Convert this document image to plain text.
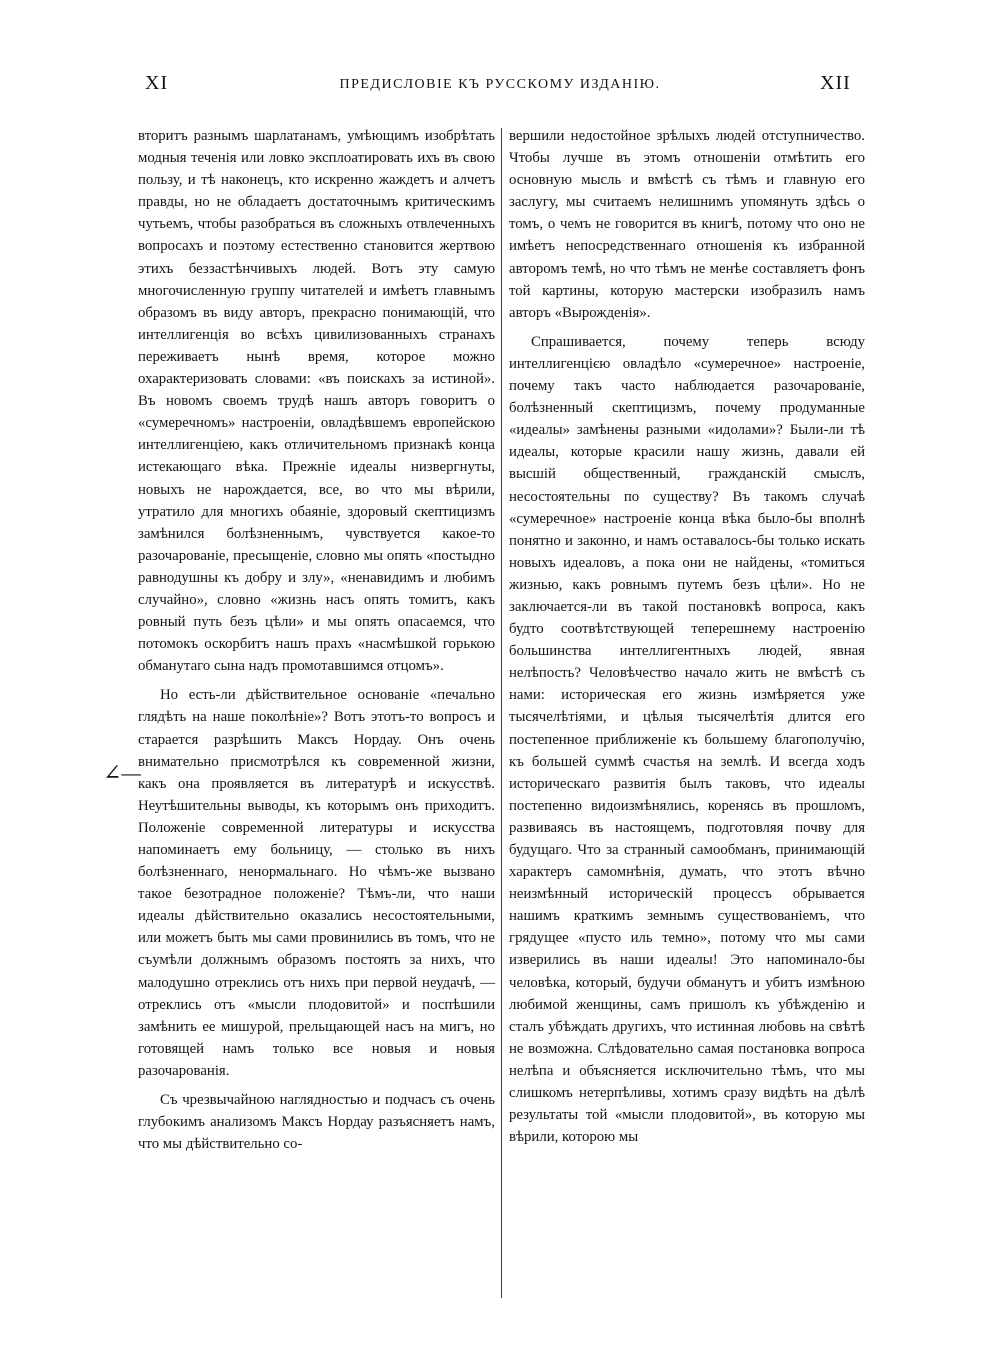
XI	ПРЕДИСЛОВІЕ КЪ РУССКОМУ ИЗДАНІЮ.	XII
∠—

вторитъ разнымъ шарлатанамъ, умѣющимъ изобрѣтать модныя теченія или ловко эксплоатировать ихъ въ свою пользу, и тѣ наконецъ, кто искренно жаждетъ и алчетъ правды, но не обладаетъ достаточнымъ критическимъ чутьемъ, чтобы разобраться въ сложныхъ отвлеченныхъ вопросахъ и поэтому естественно становится жертвою этихъ беззастѣнчивыхъ людей. Вотъ эту самую многочисленную группу читателей и имѣетъ главнымъ образомъ въ виду авторъ, прекрасно понимающій, что интеллигенція во всѣхъ цивилизованныхъ странахъ переживаетъ нынѣ время, которое можно охарактеризовать словами: «въ поискахъ за истиной». Въ новомъ своемъ трудѣ нашъ авторъ говоритъ о «сумеречномъ» настроеніи, овладѣвшемъ европейскою интеллигенціею, какъ отличительномъ признакѣ конца истекающаго вѣка. Прежніе идеалы низвергнуты, новыхъ не нарождается, все, во что мы вѣрили, утратило для многихъ обаяніе, здоровый скептицизмъ замѣнился болѣзненнымъ, чувствуется какое-то разочарованіе, пресыщеніе, словно мы опять «постыдно равнодушны къ добру и злу», «ненавидимъ и любимъ случайно», словно «жизнь насъ опять томитъ, какъ ровный путь безъ цѣли» и мы опять опасаемся, что потомокъ оскорбитъ нашъ прахъ «насмѣшкой горькою обманутаго сына надъ промотавшимся отцомъ».

Но есть-ли дѣйствительное основаніе «печально глядѣть на наше поколѣніе»? Вотъ этотъ-то вопросъ и старается разрѣшить Максъ Нордау. Онъ очень внимательно присмотрѣлся къ современной жизни, какъ она проявляется въ литературѣ и искусствѣ. Неутѣшительны выводы, къ которымъ онъ приходитъ. Положеніе современной литературы и искусства напоминаетъ ему больницу, — столько въ нихъ болѣзненнаго, ненормальнаго. Но чѣмъ-же вызвано такое безотрадное положеніе? Тѣмъ-ли, что наши идеалы дѣйствительно оказались несостоятельными, или можетъ быть мы сами провинились въ томъ, что не съумѣли должнымъ образомъ постоять за нихъ, что малодушно отреклись отъ нихъ при первой неудачѣ, — отреклись отъ «мысли плодовитой» и поспѣшили замѣнить ее мишурой, прельщающей насъ на мигъ, но готовящей намъ только все новыя и новыя разочарованія.

Съ чрезвычайною наглядностью и подчасъ съ очень глубокимъ анализомъ Максъ Нордау разъясняетъ намъ, что мы дѣйствительно со-

вершили недостойное зрѣлыхъ людей отступничество. Чтобы лучше въ этомъ отношеніи отмѣтить его основную мысль и вмѣстѣ съ тѣмъ и главную его заслугу, мы считаемъ нелишнимъ упомянуть здѣсь о томъ, о чемъ не говорится въ книгѣ, потому что оно не имѣетъ непосредственнаго отношенія къ избранной авторомъ темѣ, но что тѣмъ не менѣе составляетъ фонъ той картины, которую мастерски изобразилъ намъ авторъ «Вырожденія».

Спрашивается, почему теперь всюду интеллигенцією овладѣло «сумеречное» настроеніе, почему такъ часто наблюдается разочарованіе, болѣзненный скептицизмъ, почему продуманные «идеалы» замѣнены разными «идолами»? Были-ли тѣ идеалы, которые красили нашу жизнь, давали ей высшій общественный, гражданскій смыслъ, несостоятельны по существу? Въ такомъ случаѣ «сумеречное» настроеніе конца вѣка было-бы вполнѣ понятно и законно, и намъ оставалось-бы только искать новыхъ идеаловъ, а пока они не найдены, «томиться жизнью, какъ ровнымъ путемъ безъ цѣли». Но не заключается-ли въ такой постановкѣ вопроса, какъ будто соотвѣтствующей теперешнему настроенію большинства интеллигентныхъ людей, явная нелѣпость? Человѣчество начало жить не вмѣстѣ съ нами: историческая его жизнь измѣряется уже тысячелѣтіями, и цѣлыя тысячелѣтія длится его постепенное приближеніе къ большему благополучію, къ большей суммѣ счастья на землѣ. И всегда ходъ историческаго развитія былъ таковъ, что идеалы постепенно видоизмѣнялись, коренясь въ прошломъ, развиваясь въ настоящемъ, подготовляя почву для будущаго. Что за странный самообманъ, принимающій характеръ самомнѣнія, думать, что этотъ вѣчно неизмѣнный историческій процессъ обрывается нашимъ краткимъ земнымъ существованіемъ, что грядущее «пусто иль темно», потому что мы сами изверились въ наши идеалы! Это напоминало-бы человѣка, который, будучи обманутъ и убитъ измѣною любимой женщины, самъ пришолъ къ убѣжденію и сталъ убѣждать другихъ, что истинная любовь на свѣтѣ не возможна. Слѣдовательно самая постановка вопроса нелѣпа и объясняется исключительно тѣмъ, что мы слишкомъ нетерпѣливы, хотимъ сразу видѣть на дѣлѣ результаты той «мысли плодовитой», въ которую мы вѣрили, которою мы
